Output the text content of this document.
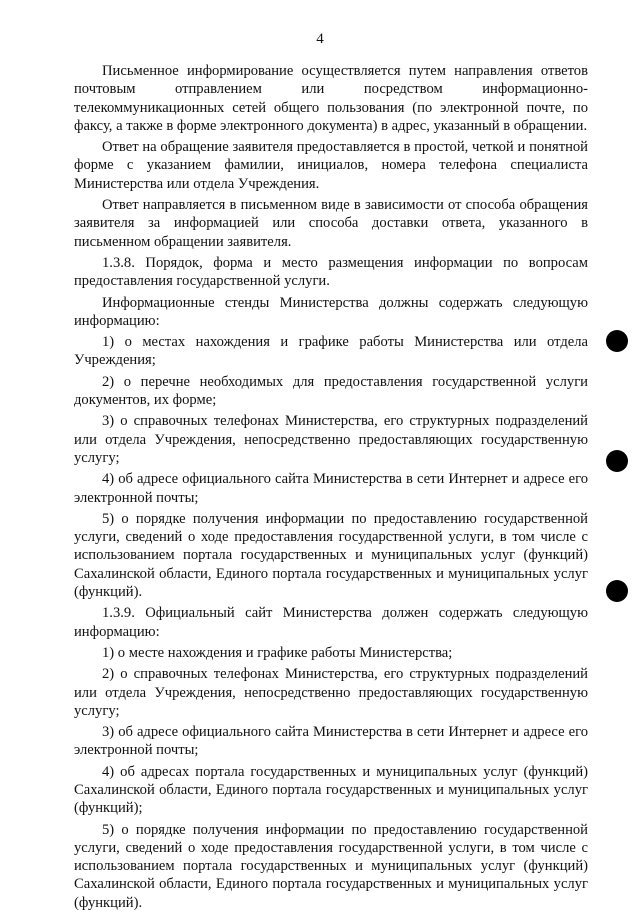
4

Письменное информирование осуществляется путем направления ответов почтовым отправлением или посредством информационно-телекоммуникационных сетей общего пользования (по электронной почте, по факсу, а также в форме электронного документа) в адрес, указанный в обращении.

Ответ на обращение заявителя предоставляется в простой, четкой и понятной форме с указанием фамилии, инициалов, номера телефона специалиста Министерства или отдела Учреждения.

Ответ направляется в письменном виде в зависимости от способа обращения заявителя за информацией или способа доставки ответа, указанного в письменном обращении заявителя.

1.3.8. Порядок, форма и место размещения информации по вопросам предоставления государственной услуги.

Информационные стенды Министерства должны содержать следующую информацию:

1) о местах нахождения и графике работы Министерства или отдела Учреждения;

2) о перечне необходимых для предоставления государственной услуги документов, их форме;

3) о справочных телефонах Министерства, его структурных подразделений или отдела Учреждения, непосредственно предоставляющих государственную услугу;

4) об адресе официального сайта Министерства в сети Интернет и адресе его электронной почты;

5) о порядке получения информации по предоставлению государственной услуги, сведений о ходе предоставления государственной услуги, в том числе с использованием портала государственных и муниципальных услуг (функций) Сахалинской области, Единого портала государственных и муниципальных услуг (функций).

1.3.9. Официальный сайт Министерства должен содержать следующую информацию:

1) о месте нахождения и графике работы Министерства;

2) о справочных телефонах Министерства, его структурных подразделений или отдела Учреждения, непосредственно предоставляющих государственную услугу;

3) об адресе официального сайта Министерства в сети Интернет и адресе его электронной почты;

4) об адресах портала государственных и муниципальных услуг (функций) Сахалинской области, Единого портала государственных и муниципальных услуг (функций);

5) о порядке получения информации по предоставлению государственной услуги, сведений о ходе предоставления государственной услуги, в том числе с использованием портала государственных и муниципальных услуг (функций) Сахалинской области, Единого портала государственных и муниципальных услуг (функций).
